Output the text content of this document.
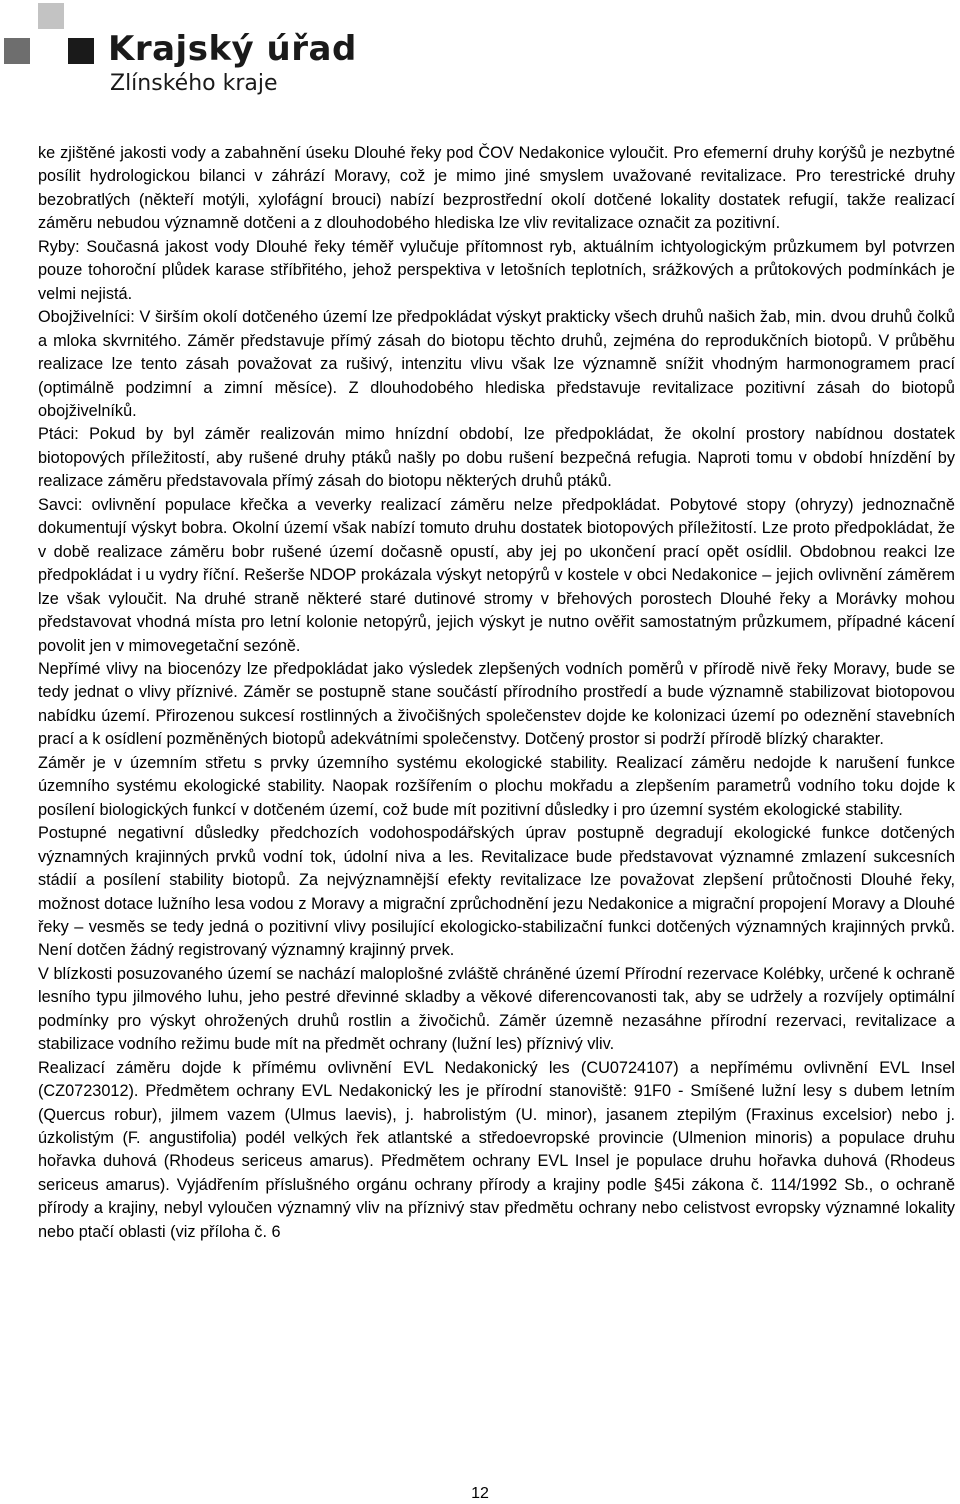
Krajský úřad
Zlínského kraje

ke zjištěné jakosti vody a zabahnění úseku Dlouhé řeky pod ČOV Nedakonice vyloučit. Pro efemerní druhy korýšů je nezbytné posílit hydrologickou bilanci v záhrází Moravy, což je mimo jiné smyslem uvažované revitalizace. Pro terestrické druhy bezobratlých (někteří motýli, xylofágní brouci) nabízí bezprostřední okolí dotčené lokality dostatek refugií, takže realizací záměru nebudou významně dotčeni a z dlouhodobého hlediska lze vliv revitalizace označit za pozitivní.

Ryby: Současná jakost vody Dlouhé řeky téměř vylučuje přítomnost ryb, aktuálním ichtyologickým průzkumem byl potvrzen pouze tohoroční plůdek karase stříbřitého, jehož perspektiva v letošních teplotních, srážkových a průtokových podmínkách je velmi nejistá.

Obojživelníci: V širším okolí dotčeného území lze předpokládat výskyt prakticky všech druhů našich žab, min. dvou druhů čolků a mloka skvrnitého. Záměr představuje přímý zásah do biotopu těchto druhů, zejména do reprodukčních biotopů. V průběhu realizace lze tento zásah považovat za rušivý, intenzitu vlivu však lze významně snížit vhodným harmonogramem prací (optimálně podzimní a zimní měsíce). Z dlouhodobého hlediska představuje revitalizace pozitivní zásah do biotopů obojživelníků.

Ptáci: Pokud by byl záměr realizován mimo hnízdní období, lze předpokládat, že okolní prostory nabídnou dostatek biotopových příležitostí, aby rušené druhy ptáků našly po dobu rušení bezpečná refugia. Naproti tomu v období hnízdění by realizace záměru představovala přímý zásah do biotopu některých druhů ptáků.

Savci: ovlivnění populace křečka a veverky realizací záměru nelze předpokládat. Pobytové stopy (ohryzy) jednoznačně dokumentují výskyt bobra. Okolní území však nabízí tomuto druhu dostatek biotopových příležitostí. Lze proto předpokládat, že v době realizace záměru bobr rušené území dočasně opustí, aby jej po ukončení prací opět osídlil. Obdobnou reakci lze předpokládat i u vydry říční. Rešerše NDOP prokázala výskyt netopýrů v kostele v obci Nedakonice – jejich ovlivnění záměrem lze však vyloučit. Na druhé straně některé staré dutinové stromy v břehových porostech Dlouhé řeky a Morávky mohou představovat vhodná místa pro letní kolonie netopýrů, jejich výskyt je nutno ověřit samostatným průzkumem, případné kácení povolit jen v mimovegetační sezóně.

Nepřímé vlivy na biocenózy lze předpokládat jako výsledek zlepšených vodních poměrů v přírodě nivě řeky Moravy, bude se tedy jednat o vlivy příznivé. Záměr se postupně stane součástí přírodního prostředí a bude významně stabilizovat biotopovou nabídku území. Přirozenou sukcesí rostlinných a živočišných společenstev dojde ke kolonizaci území po odeznění stavebních prací a k osídlení pozměněných biotopů adekvátními společenstvy. Dotčený prostor si podrží přírodě blízký charakter.

Záměr je v územním střetu s prvky územního systému ekologické stability. Realizací záměru nedojde k narušení funkce územního systému ekologické stability. Naopak rozšířením o plochu mokřadu a zlepšením parametrů vodního toku dojde k posílení biologických funkcí v dotčeném území, což bude mít pozitivní důsledky i pro územní systém ekologické stability.

Postupné negativní důsledky předchozích vodohospodářských úprav postupně degradují ekologické funkce dotčených významných krajinných prvků vodní tok, údolní niva a les. Revitalizace bude představovat významné zmlazení sukcesních stádií a posílení stability biotopů. Za nejvýznamnější efekty revitalizace lze považovat zlepšení průtočnosti Dlouhé řeky, možnost dotace lužního lesa vodou z Moravy a migrační zprůchodnění jezu Nedakonice a migrační propojení Moravy a Dlouhé řeky – vesměs se tedy jedná o pozitivní vlivy posilující ekologicko-stabilizační funkci dotčených významných krajinných prvků. Není dotčen žádný registrovaný významný krajinný prvek.

V blízkosti posuzovaného území se nachází maloplošné zvláště chráněné území Přírodní rezervace Kolébky, určené k ochraně lesního typu jilmového luhu, jeho pestré dřevinné skladby a věkové diferencovanosti tak, aby se udržely a rozvíjely optimální podmínky pro výskyt ohrožených druhů rostlin a živočichů. Záměr územně nezasáhne přírodní rezervaci, revitalizace a stabilizace vodního režimu bude mít na předmět ochrany (lužní les) příznivý vliv.

Realizací záměru dojde k přímému ovlivnění EVL Nedakonický les (CU0724107) a nepřímému ovlivnění EVL Insel (CZ0723012). Předmětem ochrany EVL Nedakonický les je přírodní stanoviště: 91F0 - Smíšené lužní lesy s dubem letním (Quercus robur), jilmem vazem (Ulmus laevis), j. habrolistým (U. minor), jasanem ztepilým (Fraxinus excelsior) nebo j. úzkolistým (F. angustifolia) podél velkých řek atlantské a středoevropské provincie (Ulmenion minoris) a populace druhu hořavka duhová (Rhodeus sericeus amarus). Předmětem ochrany EVL Insel je populace druhu hořavka duhová (Rhodeus sericeus amarus). Vyjádřením příslušného orgánu ochrany přírody a krajiny podle §45i zákona č. 114/1992 Sb., o ochraně přírody a krajiny, nebyl vyloučen významný vliv na příznivý stav předmětu ochrany nebo celistvost evropsky významné lokality nebo ptačí oblasti (viz příloha č. 6

12
